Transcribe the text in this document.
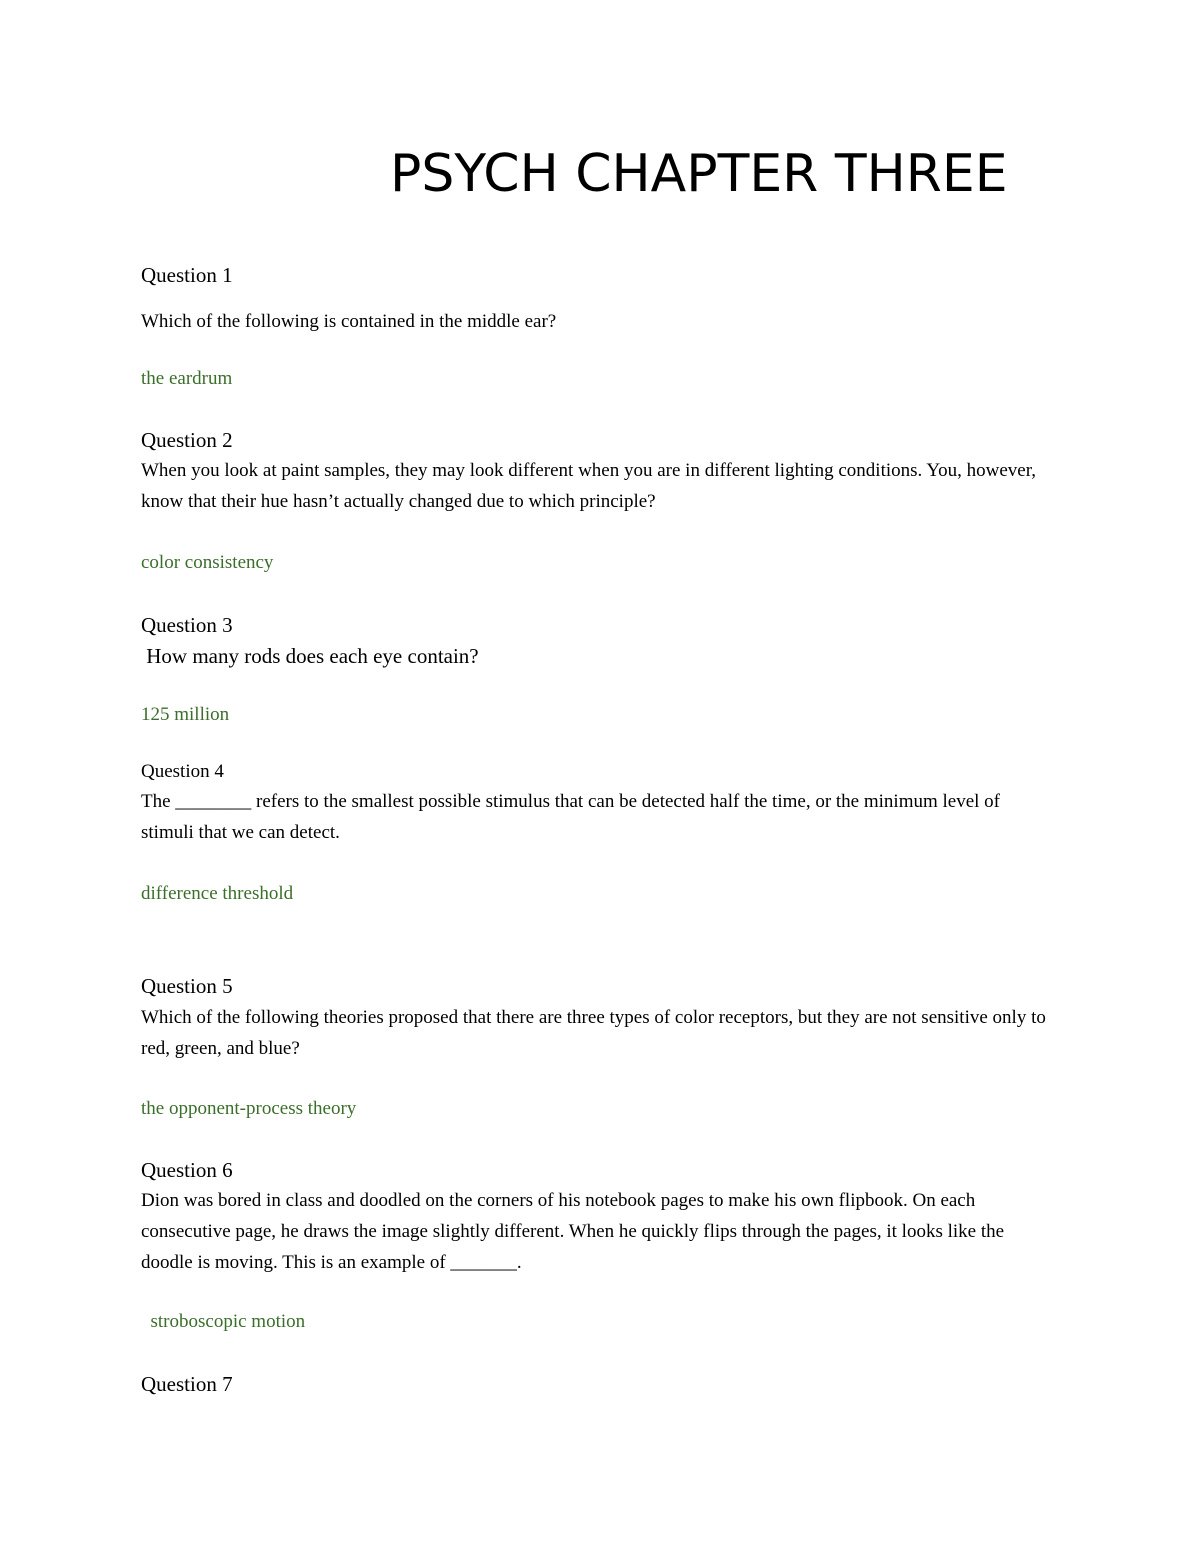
PSYCH CHAPTER THREE
Question 1
Which of the following is contained in the middle ear?
the eardrum
Question 2
When you look at paint samples, they may look different when you are in different lighting conditions. You, however, know that their hue hasn’t actually changed due to which principle?
color consistency
Question 3
How many rods does each eye contain?
125 million
Question 4
The ________ refers to the smallest possible stimulus that can be detected half the time, or the minimum level of stimuli that we can detect.
difference threshold
Question 5
Which of the following theories proposed that there are three types of color receptors, but they are not sensitive only to red, green, and blue?
the opponent-process theory
Question 6
Dion was bored in class and doodled on the corners of his notebook pages to make his own flipbook. On each consecutive page, he draws the image slightly different. When he quickly flips through the pages, it looks like the doodle is moving. This is an example of _______.
stroboscopic motion
Question 7
